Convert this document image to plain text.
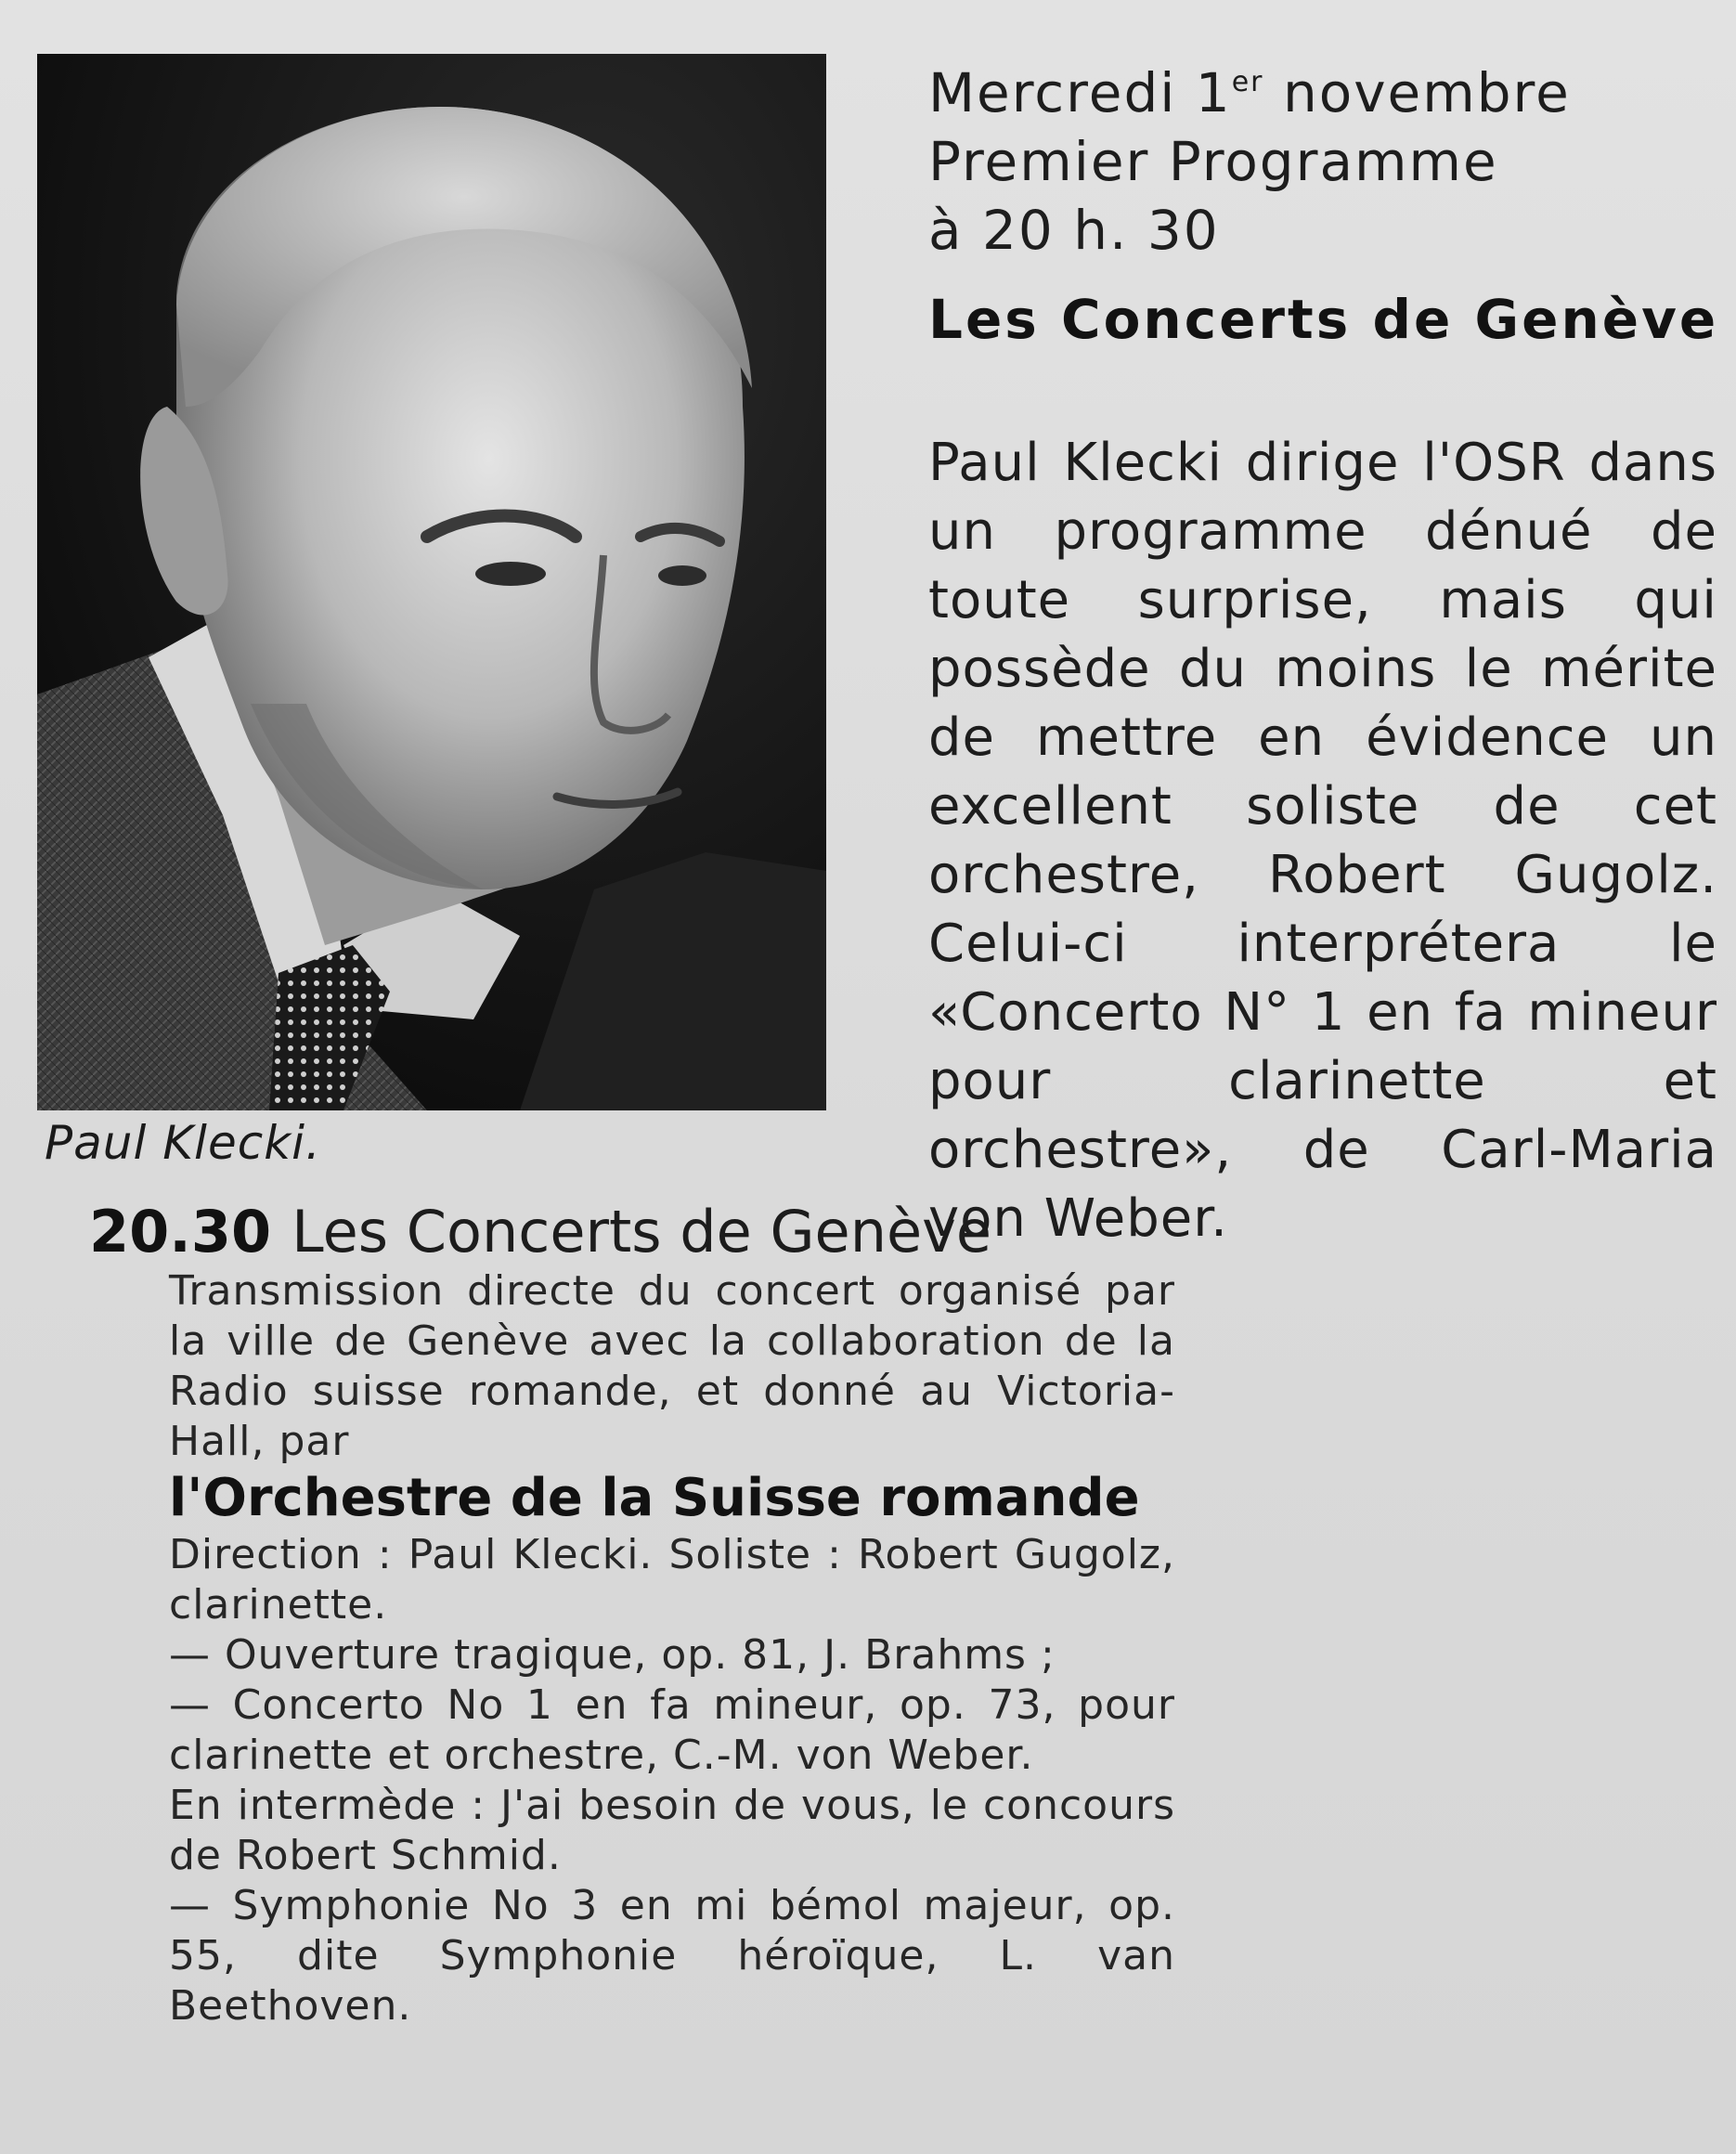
Paul Klecki.
Mercredi 1er novembre
Premier Programme
à 20 h. 30
Les Concerts de Genève
Paul Klecki dirige l'OSR dans un programme dénué de toute surprise, mais qui possède du moins le mérite de mettre en évidence un excellent soliste de cet orchestre, Robert Gugolz. Celui-ci interprétera le «Concerto N° 1 en fa mineur pour clarinette et orchestre», de Carl-Maria von Weber.
20.30 Les Concerts de Genève

Transmission directe du concert organisé par la ville de Genève avec la collaboration de la Radio suisse romande, et donné au Victoria-Hall, par

l'Orchestre de la Suisse romande

Direction : Paul Klecki. Soliste : Robert Gugolz, clarinette.

— Ouverture tragique, op. 81, J. Brahms ;

— Concerto No 1 en fa mineur, op. 73, pour clarinette et orchestre, C.-M. von Weber.

En intermède : J'ai besoin de vous, le concours de Robert Schmid.

— Symphonie No 3 en mi bémol majeur, op. 55, dite Symphonie héroïque, L. van Beethoven.
